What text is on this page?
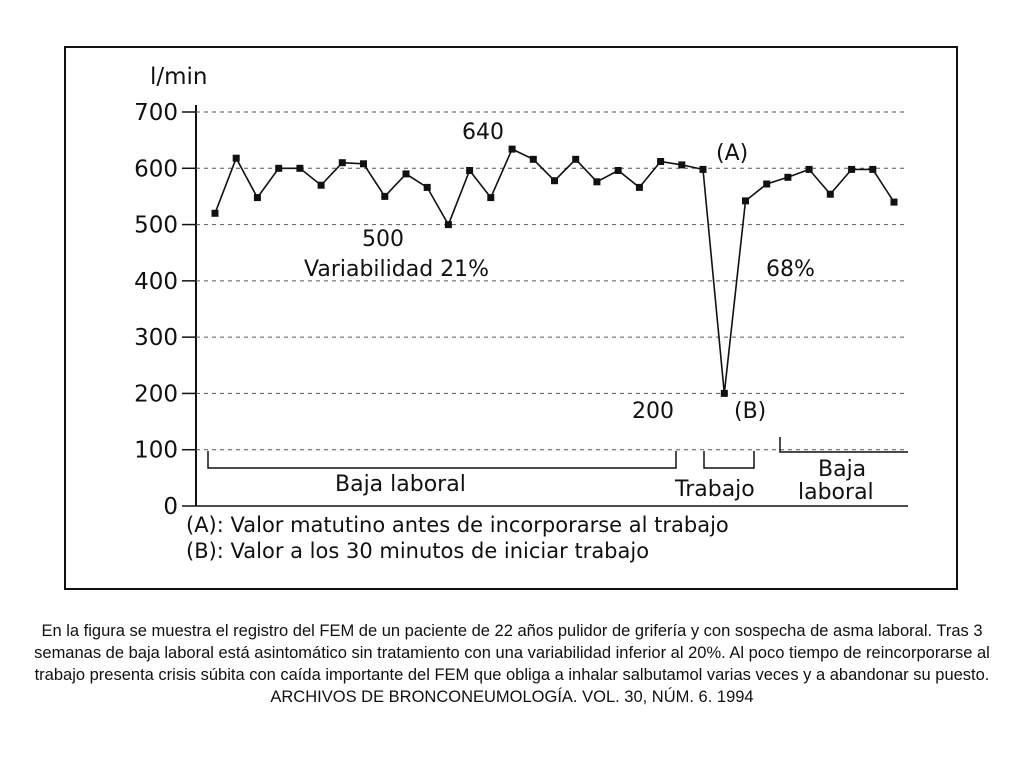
0
100
200
300
400
500
600
700
l/min
640
500
Variabilidad 21%	68%
200
(A)
(B)
Baja laboral	Trabajo
Baja
laboral
(A): Valor matutino antes de incorporarse al trabajo
(B): Valor a los 30 minutos de iniciar trabajo
En la figura se muestra el registro del FEM de un paciente de 22 años pulidor de grifería y con sospecha de asma laboral. Tras 3 semanas de baja laboral está asintomático sin tratamiento con una variabilidad inferior al 20%. Al poco tiempo de reincorporarse al trabajo presenta crisis súbita con caída importante del FEM que obliga a inhalar salbutamol varias veces y a abandonar su puesto. ARCHIVOS DE BRONCONEUMOLOGÍA. VOL. 30, NÚM. 6. 1994
